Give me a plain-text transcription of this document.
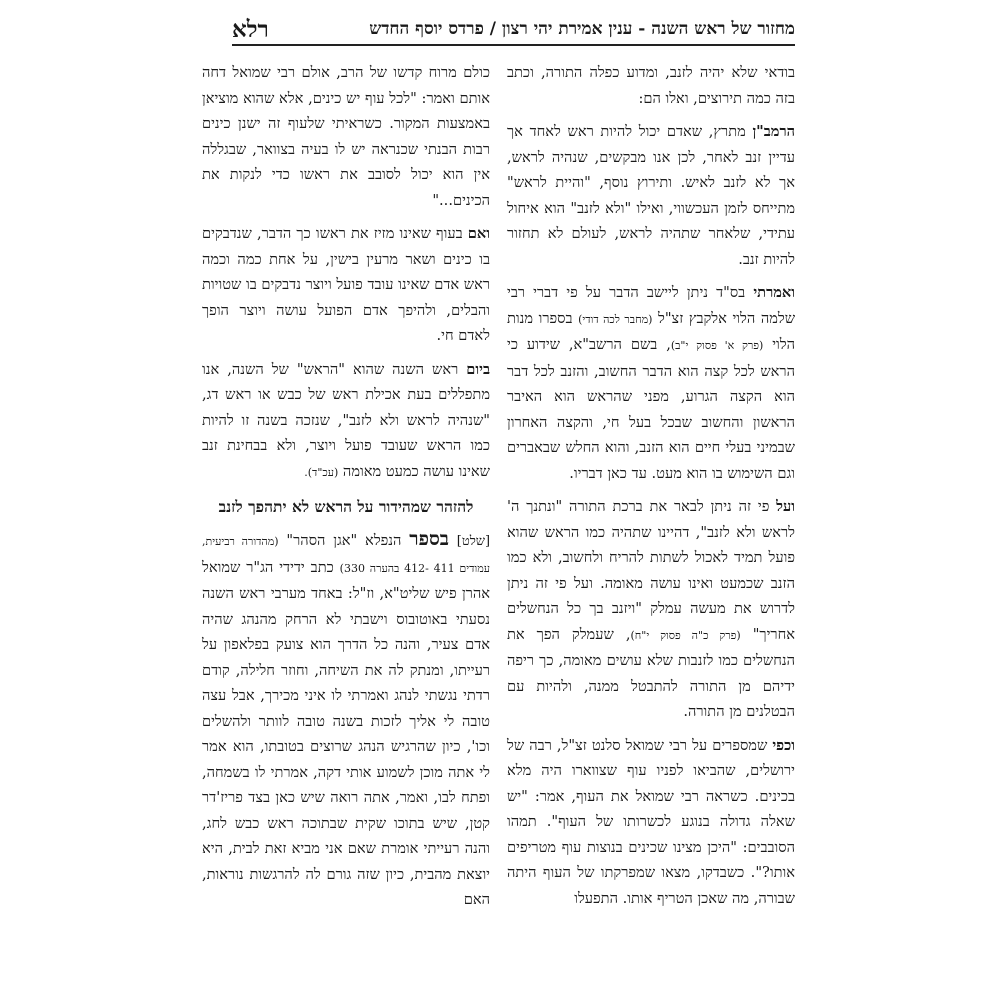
מחזור של ראש השנה - ענין אמירת יהי רצון / פרדס יוסף החדש
רלא

בודאי שלא יהיה לזנב, ומדוע כפלה התורה, וכתב בזה כמה תירוצים, ואלו הם:

הרמב"ן מתרץ, שאדם יכול להיות ראש לאחד אך עדיין זנב לאחר, לכן אנו מבקשים, שנהיה לראש, אך לא לזנב לאיש. ותירוץ נוסף, "והיית לראש" מתייחס לזמן העכשווי, ואילו "ולא לזנב" הוא איחול עתידי, שלאחר שתהיה לראש, לעולם לא תחזור להיות זנב.

ואמרתי בס"ד ניתן ליישב הדבר על פי דברי רבי שלמה הלוי אלקבץ זצ"ל (מחבר לכה דודי) בספרו מנות הלוי (פרק א' פסוק י"ב), בשם הרשב"א, שידוע כי הראש לכל קצה הוא הדבר החשוב, והזנב לכל דבר הוא הקצה הגרוע, מפני שהראש הוא האיבר הראשון והחשוב שבכל בעל חי, והקצה האחרון שבמיני בעלי חיים הוא הזנב, והוא החלש שבאברים וגם השימוש בו הוא מעט. עד כאן דבריו.

ועל פי זה ניתן לבאר את ברכת התורה "ונתנך ה' לראש ולא לזנב", דהיינו שתהיה כמו הראש שהוא פועל תמיד לאכול לשתות להריח ולחשוב, ולא כמו הזנב שכמעט ואינו עושה מאומה. ועל פי זה ניתן לדרוש את מעשה עמלק "ויזנב בך כל הנחשלים אחריך" (פרק כ"ה פסוק י"ח), שעמלק הפך את הנחשלים כמו לזנבות שלא עושים מאומה, כך ריפה ידיהם מן התורה להתבטל ממנה, ולהיות עם הבטלנים מן התורה.

וכפי שמספרים על רבי שמואל סלנט זצ"ל, רבה של ירושלים, שהביאו לפניו עוף שצווארו היה מלא בכינים. כשראה רבי שמואל את העוף, אמר: "יש שאלה גדולה בנוגע לכשרותו של העוף". תמהו הסובבים: "היכן מצינו שכינים בנוצות עוף מטריפים אותו?". כשבדקו, מצאו שמפרקתו של העוף היתה שבורה, מה שאכן הטריף אותו. התפעלו

כולם מרוח קדשו של הרב, אולם רבי שמואל דחה אותם ואמר: "לכל עוף יש כינים, אלא שהוא מוציאן באמצעות המקור. כשראיתי שלעוף זה ישנן כינים רבות הבנתי שכנראה יש לו בעיה בצוואר, שבגללה אין הוא יכול לסובב את ראשו כדי לנקות את הכינים..."

ואם בעוף שאינו מזיז את ראשו כך הדבר, שנדבקים בו כינים ושאר מרעין בישין, על אחת כמה וכמה ראש אדם שאינו עובד פועל ויוצר נדבקים בו שטויות והבלים, ולהיפך אדם הפועל עושה ויוצר הופך לאדם חי.

ביום ראש השנה שהוא "הראש" של השנה, אנו מתפללים בעת אכילת ראש של כבש או ראש דג, "שנהיה לראש ולא לזנב", שנזכה בשנה זו להיות כמו הראש שעובד פועל ויוצר, ולא בבחינת זנב שאינו עושה כמעט מאומה (עכ"ד).

להזהר שמהידור על הראש לא יתהפך לזנב

[שלט] בספר הנפלא "אגן הסהר" (מהדורה רביעית, עמודים 411 -412 בהערה 330) כתב ידידי הג"ר שמואל אהרן פיש שליט"א, וז"ל: באחד מערבי ראש השנה נסעתי באוטובוס וישבתי לא הרחק מהנהג שהיה אדם צעיר, והנה כל הדרך הוא צועק בפלאפון על רעייתו, ומנתק לה את השיחה, וחוזר חלילה, קודם רדתי נגשתי לנהג ואמרתי לו איני מכירך, אבל עצה טובה לי אליך לזכות בשנה טובה לוותר ולהשלים וכו', כיון שהרגיש הנהג שרוצים בטובתו, הוא אמר לי אתה מוכן לשמוע אותי דקה, אמרתי לו בשמחה, ופתח לבו, ואמר, אתה רואה שיש כאן בצד פריז'דר קטן, שיש בתוכו שקית שבתוכה ראש כבש לחג, והנה רעייתי אומרת שאם אני מביא זאת לבית, היא יוצאת מהבית, כיון שזה גורם לה להרגשות נוראות, האם
